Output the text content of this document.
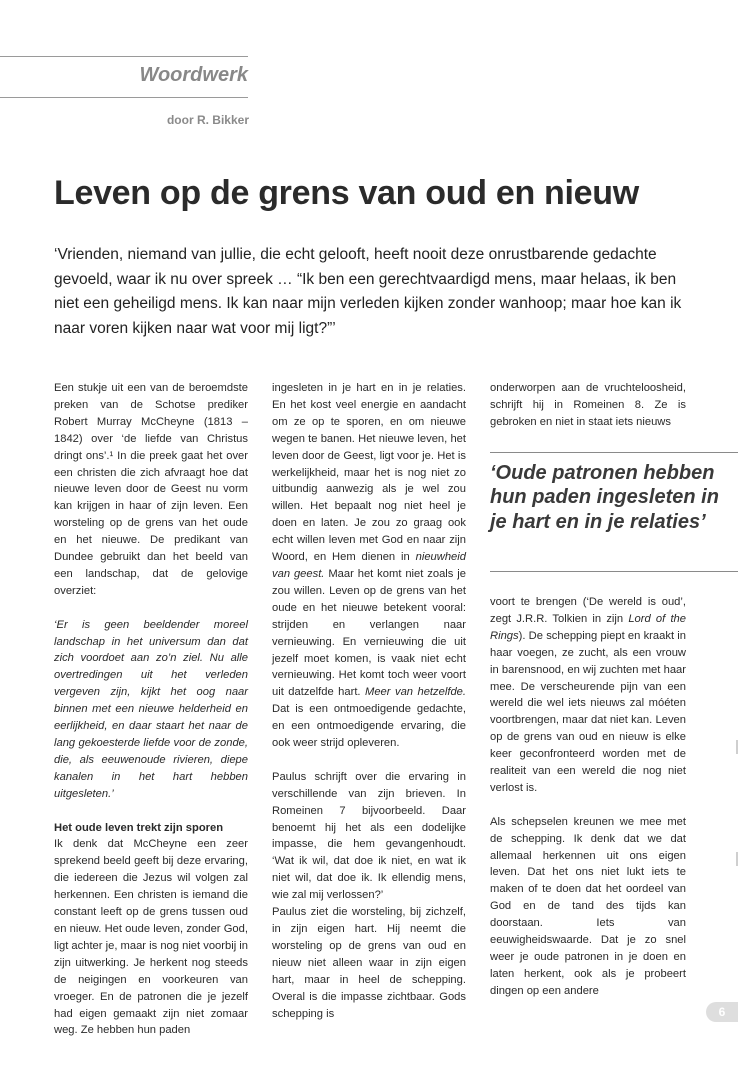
Woordwerk
door R. Bikker
Leven op de grens van oud en nieuw

‘Vrienden, niemand van jullie, die echt gelooft, heeft nooit deze onrustbarende gedachte gevoeld, waar ik nu over spreek … “Ik ben een gerechtvaardigd mens, maar helaas, ik ben niet een geheiligd mens. Ik kan naar mijn verleden kijken zonder wanhoop; maar hoe kan ik naar voren kijken naar wat voor mij ligt?”’

Een stukje uit een van de beroemdste preken van de Schotse prediker Robert Murray McCheyne (1813 – 1842) over ‘de liefde van Christus dringt ons’.¹ In die preek gaat het over een christen die zich afvraagt hoe dat nieuwe leven door de Geest nu vorm kan krijgen in haar of zijn leven. Een worsteling op de grens van het oude en het nieuwe. De predikant van Dundee gebruikt dan het beeld van een landschap, dat de gelovige overziet:

‘Er is geen beeldender moreel landschap in het universum dan dat zich voordoet aan zo’n ziel. Nu alle overtredingen uit het verleden vergeven zijn, kijkt het oog naar binnen met een nieuwe helderheid en eerlijkheid, en daar staart het naar de lang gekoesterde liefde voor de zonde, die, als eeuwenoude rivieren, diepe kanalen in het hart hebben uitgesleten.’

Het oude leven trekt zijn sporen

Ik denk dat McCheyne een zeer sprekend beeld geeft bij deze ervaring, die iedereen die Jezus wil volgen zal herkennen. Een christen is iemand die constant leeft op de grens tussen oud en nieuw. Het oude leven, zonder God, ligt achter je, maar is nog niet voorbij in zijn uitwerking. Je herkent nog steeds de neigingen en voorkeuren van vroeger. En de patronen die je jezelf had eigen gemaakt zijn niet zomaar weg. Ze hebben hun paden

ingesleten in je hart en in je relaties. En het kost veel energie en aandacht om ze op te sporen, en om nieuwe wegen te banen. Het nieuwe leven, het leven door de Geest, ligt voor je. Het is werkelijkheid, maar het is nog niet zo uitbundig aanwezig als je wel zou willen. Het bepaalt nog niet heel je doen en laten. Je zou zo graag ook echt willen leven met God en naar zijn Woord, en Hem dienen in nieuwheid van geest. Maar het komt niet zoals je zou willen. Leven op de grens van het oude en het nieuwe betekent vooral: strijden en verlangen naar vernieuwing. En vernieuwing die uit jezelf moet komen, is vaak niet echt vernieuwing. Het komt toch weer voort uit datzelfde hart. Meer van hetzelfde. Dat is een ontmoedigende gedachte, en een ontmoedigende ervaring, die ook weer strijd opleveren.

Paulus schrijft over die ervaring in verschillende van zijn brieven. In Romeinen 7 bijvoorbeeld. Daar benoemt hij het als een dodelijke impasse, die hem gevangenhoudt. ‘Wat ik wil, dat doe ik niet, en wat ik niet wil, dat doe ik. Ik ellendig mens, wie zal mij verlossen?’

Paulus ziet die worsteling, bij zichzelf, in zijn eigen hart. Hij neemt die worsteling op de grens van oud en nieuw niet alleen waar in zijn eigen hart, maar in heel de schepping. Overal is die impasse zichtbaar. Gods schepping is

onderworpen aan de vruchteloosheid, schrijft hij in Romeinen 8. Ze is gebroken en niet in staat iets nieuws

‘Oude patronen hebben hun paden ingesleten in je hart en in je relaties’

voort te brengen (‘De wereld is oud’, zegt J.R.R. Tolkien in zijn Lord of the Rings). De schepping piept en kraakt in haar voegen, ze zucht, als een vrouw in barensnood, en wij zuchten met haar mee. De verscheurende pijn van een wereld die wel iets nieuws zal móéten voortbrengen, maar dat niet kan. Leven op de grens van oud en nieuw is elke keer geconfronteerd worden met de realiteit van een wereld die nog niet verlost is.

Als schepselen kreunen we mee met de schepping. Ik denk dat we dat allemaal herkennen uit ons eigen leven. Dat het ons niet lukt iets te maken of te doen dat het oordeel van God en de tand des tijds kan doorstaan. Iets van eeuwigheidswaarde. Dat je zo snel weer je oude patronen in je doen en laten herkent, ook als je probeert dingen op een andere

6
